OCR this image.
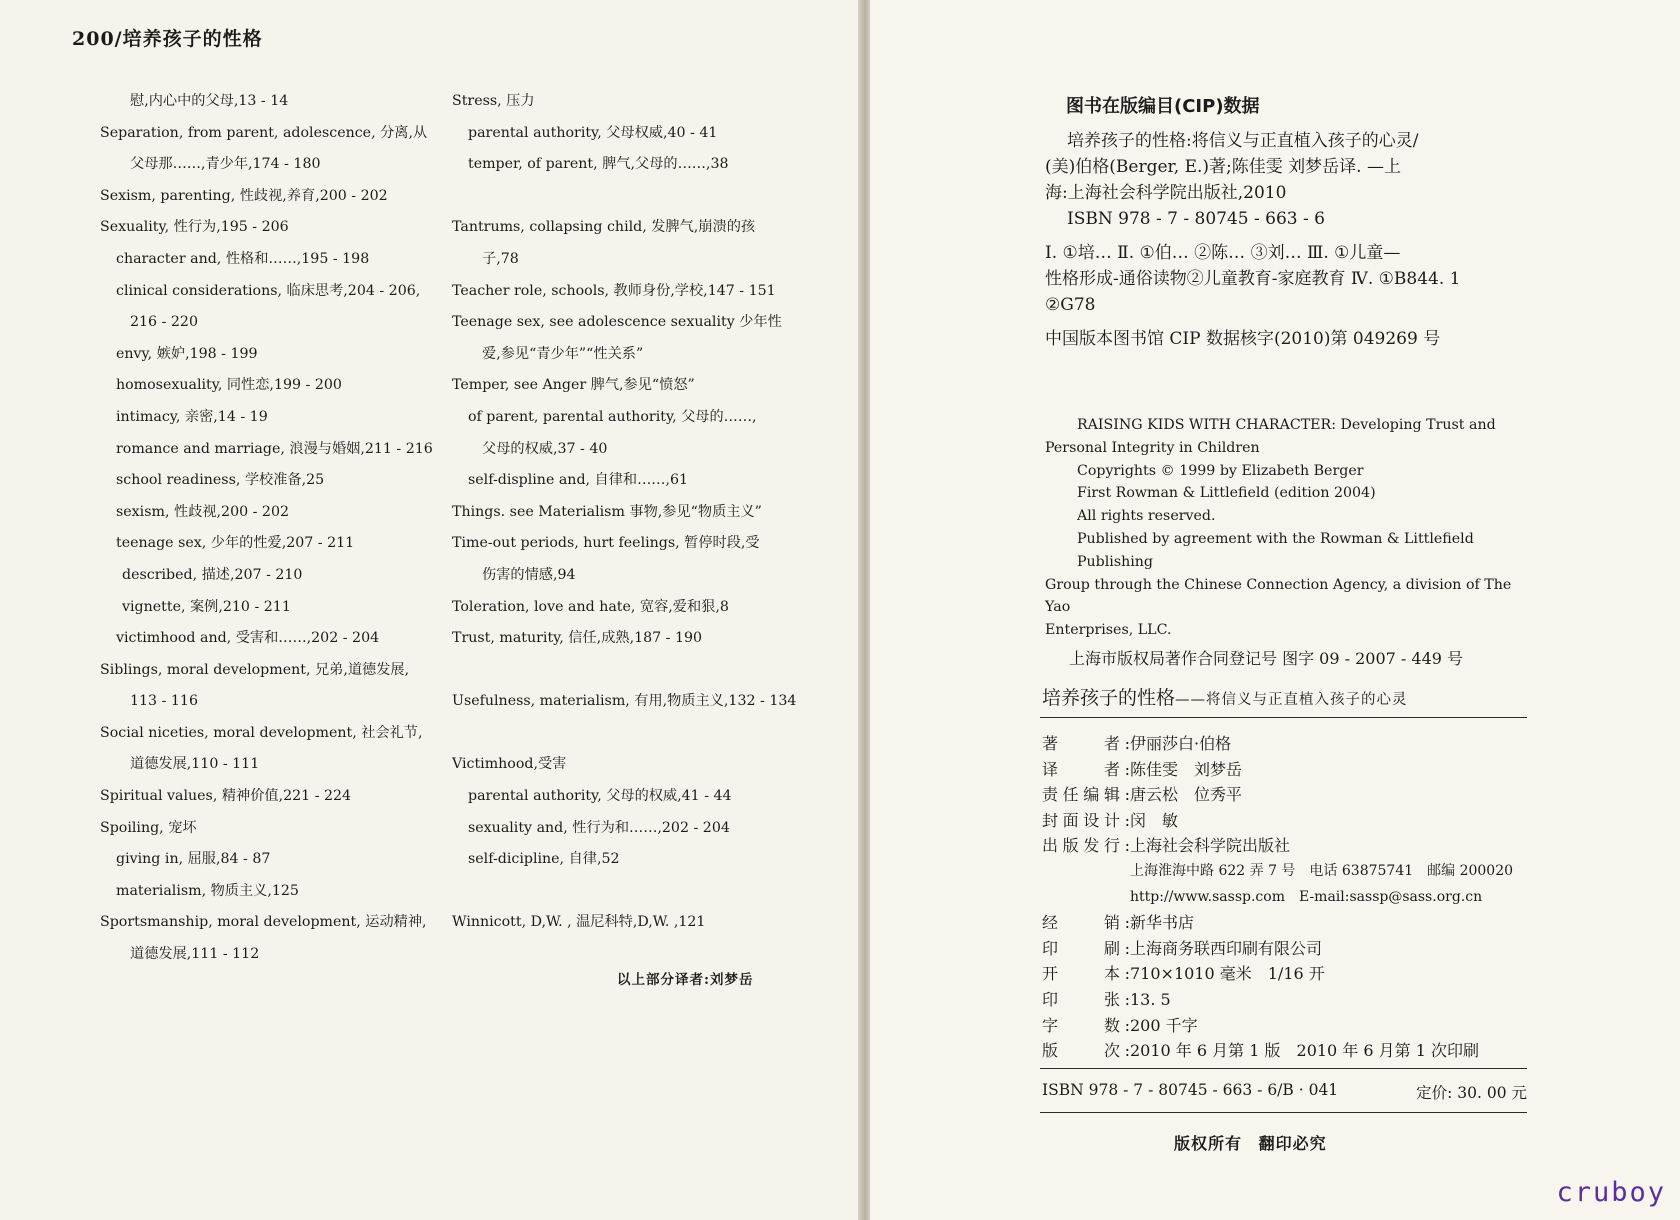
200/培养孩子的性格
慰,内心中的父母,13 - 14
Separation, from parent, adolescence, 分离,从
父母那……,青少年,174 - 180
Sexism, parenting, 性歧视,养育,200 - 202
Sexuality, 性行为,195 - 206
character and, 性格和……,195 - 198
clinical considerations, 临床思考,204 - 206,
216 - 220
envy, 嫉妒,198 - 199
homosexuality, 同性恋,199 - 200
intimacy, 亲密,14 - 19
romance and marriage, 浪漫与婚姻,211 - 216
school readiness, 学校准备,25
sexism, 性歧视,200 - 202
teenage sex, 少年的性爱,207 - 211
described, 描述,207 - 210
vignette, 案例,210 - 211
victimhood and, 受害和……,202 - 204
Siblings, moral development, 兄弟,道德发展,
113 - 116
Social niceties, moral development, 社会礼节,
道德发展,110 - 111
Spiritual values, 精神价值,221 - 224
Spoiling, 宠坏
giving in, 屈服,84 - 87
materialism, 物质主义,125
Sportsmanship, moral development, 运动精神,
道德发展,111 - 112
Stress, 压力
parental authority, 父母权威,40 - 41
temper, of parent, 脾气,父母的……,38
Tantrums, collapsing child, 发脾气,崩溃的孩
子,78
Teacher role, schools, 教师身份,学校,147 - 151
Teenage sex, see adolescence sexuality 少年性
爱,参见“青少年”“性关系”
Temper, see Anger 脾气,参见“愤怒”
of parent, parental authority, 父母的……,
父母的权威,37 - 40
self-displine and, 自律和……,61
Things. see Materialism 事物,参见“物质主义”
Time-out periods, hurt feelings, 暂停时段,受
伤害的情感,94
Toleration, love and hate, 宽容,爱和狠,8
Trust, maturity, 信任,成熟,187 - 190
Usefulness, materialism, 有用,物质主义,132 - 134
Victimhood,受害
parental authority, 父母的权威,41 - 44
sexuality and, 性行为和……,202 - 204
self-dicipline, 自律,52
Winnicott, D,W. , 温尼科特,D,W. ,121
以上部分译者:刘梦岳
图书在版编目(CIP)数据
培养孩子的性格:将信义与正直植入孩子的心灵/
(美)伯格(Berger, E.)著;陈佳雯 刘梦岳译. —上
海:上海社会科学院出版社,2010
ISBN 978 - 7 - 80745 - 663 - 6
Ⅰ. ①培… Ⅱ. ①伯… ②陈… ③刘… Ⅲ. ①儿童—
性格形成-通俗读物②儿童教育-家庭教育 Ⅳ. ①B844. 1
②G78
中国版本图书馆 CIP 数据核字(2010)第 049269 号
RAISING KIDS WITH CHARACTER: Developing Trust and
Personal Integrity in Children
Copyrights © 1999 by Elizabeth Berger
First Rowman & Littlefield (edition 2004)
All rights reserved.
Published by agreement with the Rowman & Littlefield Publishing
Group through the Chinese Connection Agency, a division of The Yao
Enterprises, LLC.
上海市版权局著作合同登记号 图字 09 - 2007 - 449 号
培养孩子的性格——将信义与正直植入孩子的心灵
著　　者: 伊丽莎白·伯格
译　　者: 陈佳雯　刘梦岳
责任编辑: 唐云松　位秀平
封面设计: 闵　敏
出版发行: 上海社会科学院出版社
上海淮海中路 622 弄 7 号　电话 63875741　邮编 200020
http://www.sassp.com　E-mail:sassp@sass.org.cn
经　　销: 新华书店
印　　刷: 上海商务联西印刷有限公司
开　　本: 710×1010 毫米　1/16 开
印　　张: 13. 5
字　　数: 200 千字
版　　次: 2010 年 6 月第 1 版　2010 年 6 月第 1 次印刷
ISBN 978 - 7 - 80745 - 663 - 6/B · 041	定价: 30. 00 元
版权所有 翻印必究
cruboy
